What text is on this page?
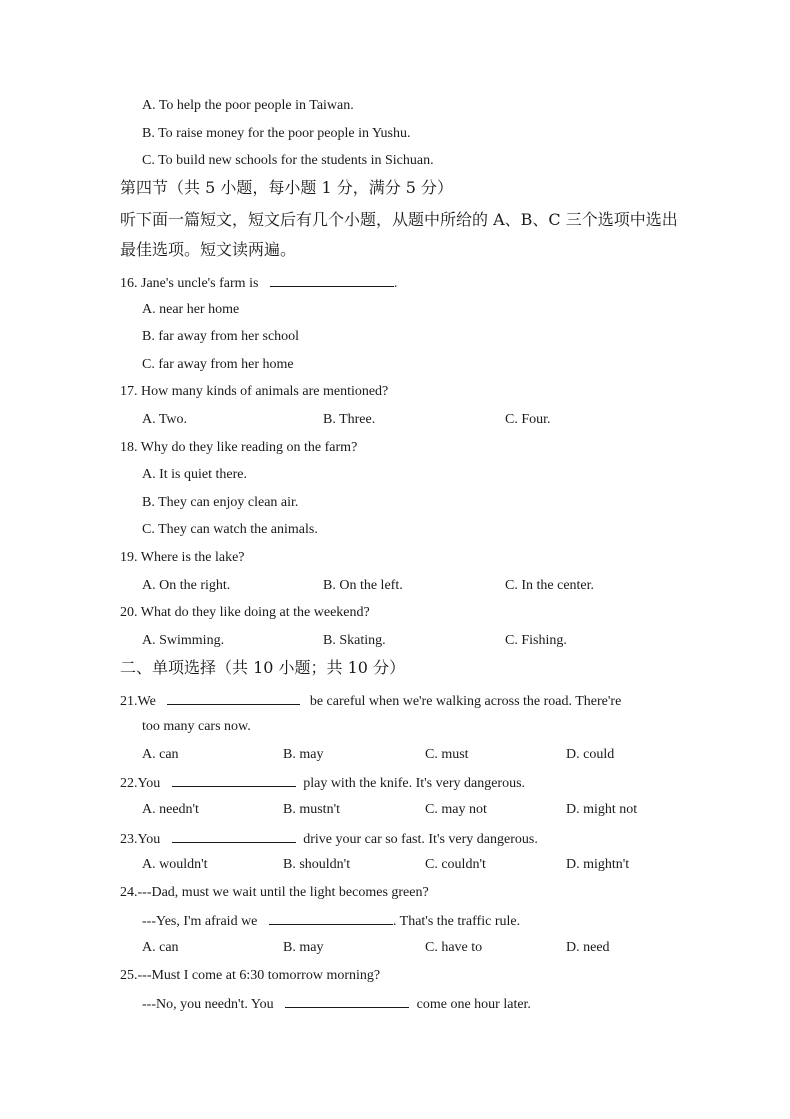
A. To help the poor people in Taiwan.
B. To raise money for the poor people in Yushu.
C. To build new schools for the students in Sichuan.
第四节（共 5 小题，每小题 1 分，满分 5 分）
听下面一篇短文，短文后有几个小题，从题中所给的 A、B、C 三个选项中选出
最佳选项。短文读两遍。
16. Jane's uncle's farm is	.
A. near her home
B. far away from her school
C. far away from her home
17. How many kinds of animals are mentioned?
A. Two.	B. Three.	C. Four.
18. Why do they like reading on the farm?
A. It is quiet there.
B. They can enjoy clean air.
C. They can watch the animals.
19. Where is the lake?
A. On the right.	B. On the left.	C. In the center.
20. What do they like doing at the weekend?
A. Swimming.	B. Skating.	C. Fishing.
二、单项选择（共 10 小题；共 10 分）
21.We	be careful when we're walking across the road. There're
too many cars now.
A. can	B. may	C. must	D. could
22.You	play with the knife. It's very dangerous.
A. needn't	B. mustn't	C. may not	D. might not
23.You	drive your car so fast. It's very dangerous.
A. wouldn't	B. shouldn't	C. couldn't	D. mightn't
24.---Dad, must we wait until the light becomes green?
---Yes, I'm afraid we	. That's the traffic rule.
A. can	B. may	C. have to	D. need
25.---Must I come at 6:30 tomorrow morning?
---No, you needn't. You	come one hour later.
